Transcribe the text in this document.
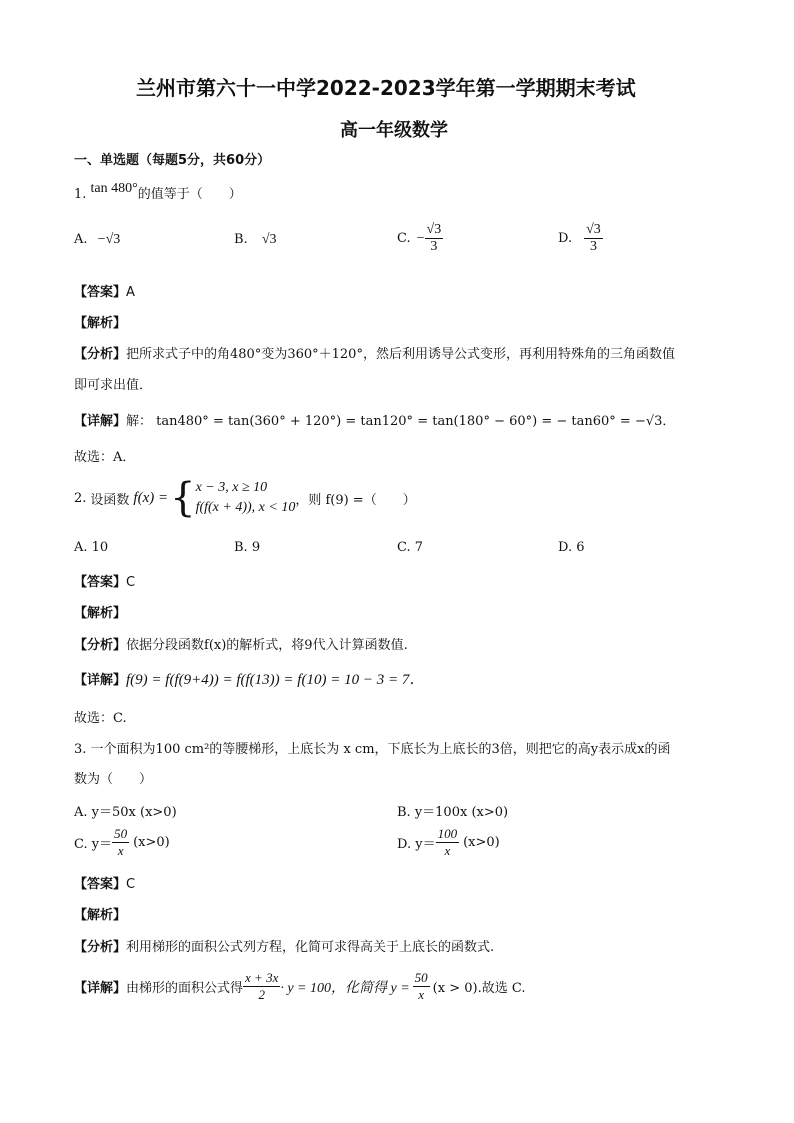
兰州市第六十一中学2022-2023学年第一学期期末考试
高一年级数学
一、单选题（每题5分，共60分）
1. tan 480°的值等于（　　）
A. −√3	B. √3	C. − $\frac{√3}{3}$	D. $\frac{√3}{3}$
【答案】A
【解析】
【分析】把所求式子中的角480°变为360°＋120°，然后利用诱导公式变形，再利用特殊角的三角函数值
即可求出值．
【详解】解： tan480° = tan(360° + 120°) = tan120° = tan(180° − 60°) = − tan60° = −√3．
故选：A．
2. 设函数 f(x) = { x − 3, x ≥ 10
f(f(x + 4)), x < 10 ，则 f(9) =（　　）
A. 10	B. 9	C. 7	D. 6
【答案】C
【解析】
【分析】依据分段函数f(x)的解析式，将9代入计算函数值.
【详解】f(9) = f(f(9+4)) = f(f(13)) = f(10) = 10 − 3 = 7．
故选：C.
3. 一个面积为100 cm²的等腰梯形，上底长为 x cm，下底长为上底长的3倍，则把它的高y表示成x的函
数为（　　）
A. y＝50x (x>0)	B. y＝100x (x>0)
C. $y= \frac{50}{x} (x>0)$	D. $y= \frac{100}{x} (x>0)$
【答案】C
【解析】
【分析】利用梯形的面积公式列方程，化简可求得高关于上底长的函数式.
【详解】 由梯形的面积公式得 $\frac{x + 3x}{2} \cdot y = 100$，化简得 $y = \frac{50}{x} (x > 0)$.故选 C.
